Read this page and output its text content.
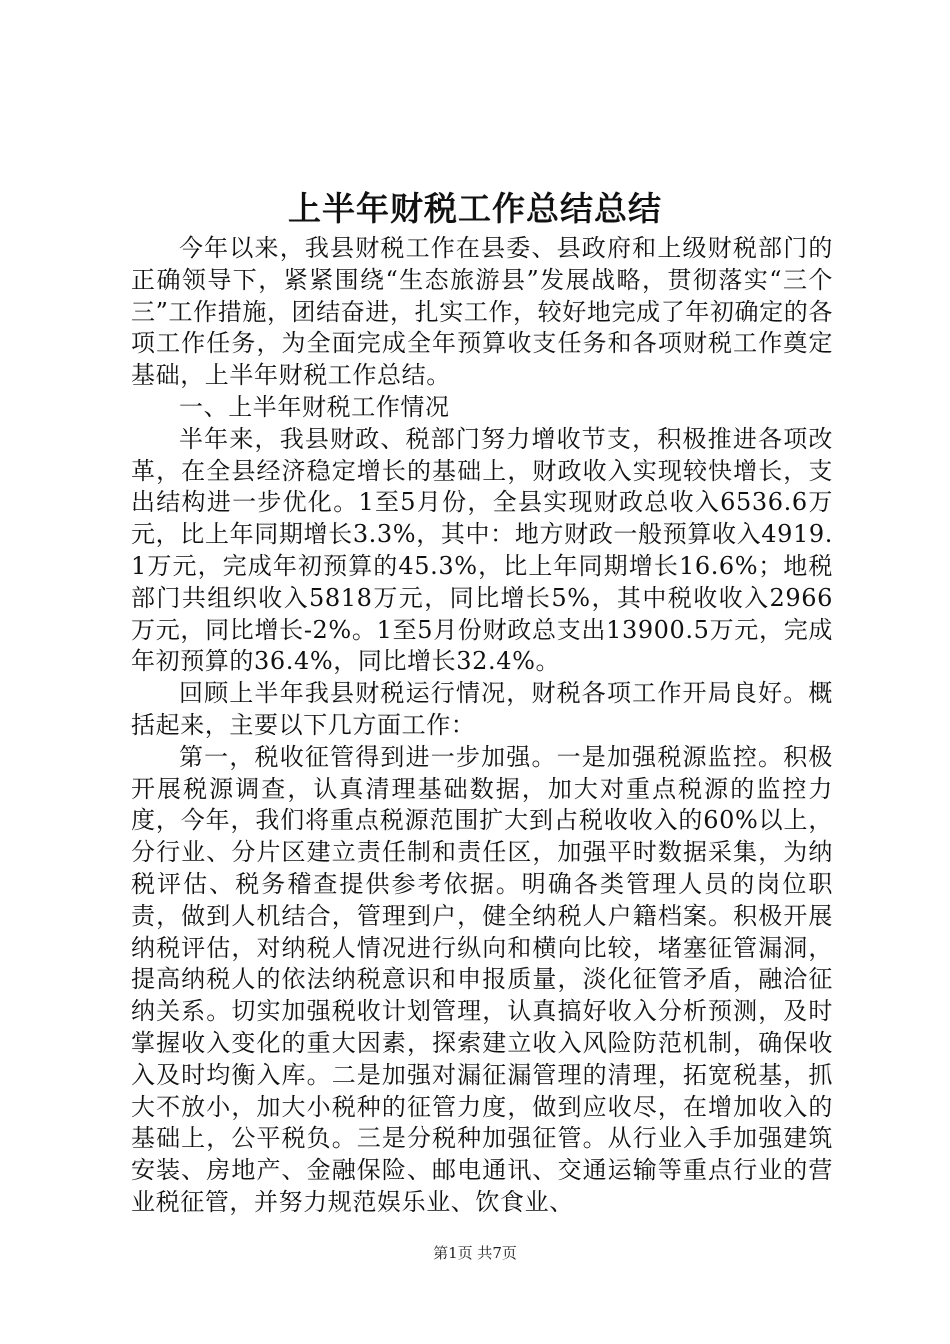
上半年财税工作总结总结

今年以来，我县财税工作在县委、县政府和上级财税部门的正确领导下，紧紧围绕“生态旅游县”发展战略，贯彻落实“三个三”工作措施，团结奋进，扎实工作，较好地完成了年初确定的各项工作任务，为全面完成全年预算收支任务和各项财税工作奠定基础，上半年财税工作总结。

一、上半年财税工作情况

半年来，我县财政、税部门努力增收节支，积极推进各项改革，在全县经济稳定增长的基础上，财政收入实现较快增长，支出结构进一步优化。1至5月份，全县实现财政总收入6536.6万元，比上年同期增长3.3%，其中：地方财政一般预算收入4919.1万元，完成年初预算的45.3%，比上年同期增长16.6%；地税部门共组织收入5818万元，同比增长5%，其中税收收入2966万元，同比增长-2%。1至5月份财政总支出13900.5万元，完成年初预算的36.4%，同比增长32.4%。

回顾上半年我县财税运行情况，财税各项工作开局良好。概括起来，主要以下几方面工作：

第一，税收征管得到进一步加强。一是加强税源监控。积极开展税源调查，认真清理基础数据，加大对重点税源的监控力度，今年，我们将重点税源范围扩大到占税收收入的60%以上，分行业、分片区建立责任制和责任区，加强平时数据采集，为纳税评估、税务稽查提供参考依据。明确各类管理人员的岗位职责，做到人机结合，管理到户，健全纳税人户籍档案。积极开展纳税评估，对纳税人情况进行纵向和横向比较，堵塞征管漏洞，提高纳税人的依法纳税意识和申报质量，淡化征管矛盾，融洽征纳关系。切实加强税收计划管理，认真搞好收入分析预测，及时掌握收入变化的重大因素，探索建立收入风险防范机制，确保收入及时均衡入库。二是加强对漏征漏管理的清理，拓宽税基，抓大不放小，加大小税种的征管力度，做到应收尽，在增加收入的基础上，公平税负。三是分税种加强征管。从行业入手加强建筑安装、房地产、金融保险、邮电通讯、交通运输等重点行业的营业税征管，并努力规范娱乐业、饮食业、

第1页 共7页
